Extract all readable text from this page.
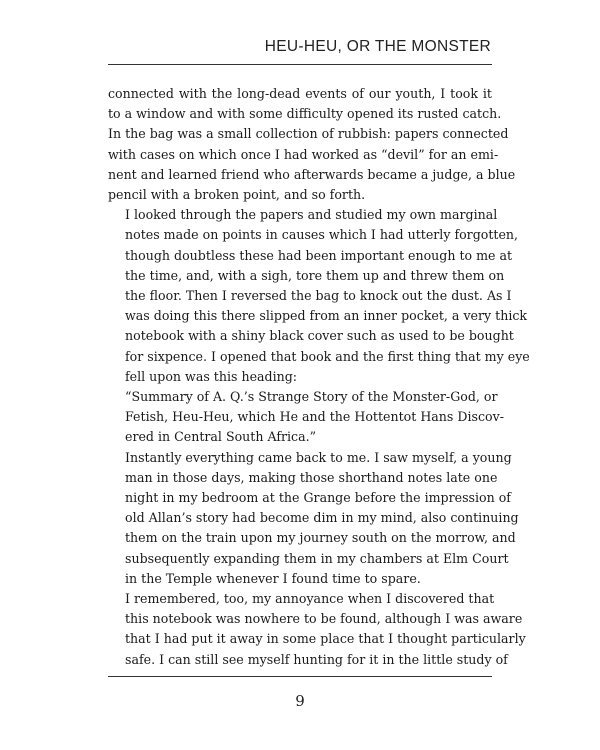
HEU-HEU, OR THE MONSTER

connected with the long-dead events of our youth, I took it
to a window and with some difficulty opened its rusted catch.
In the bag was a small collection of rubbish: papers connected
with cases on which once I had worked as “devil” for an emi-
nent and learned friend who afterwards became a judge, a blue
pencil with a broken point, and so forth.

I looked through the papers and studied my own marginal
notes made on points in causes which I had utterly forgotten,
though doubtless these had been important enough to me at
the time, and, with a sigh, tore them up and threw them on
the floor. Then I reversed the bag to knock out the dust. As I
was doing this there slipped from an inner pocket, a very thick
notebook with a shiny black cover such as used to be bought
for sixpence. I opened that book and the first thing that my eye
fell upon was this heading:

“Summary of A. Q.’s Strange Story of the Monster-God, or
Fetish, Heu-Heu, which He and the Hottentot Hans Discov-
ered in Central South Africa.”

Instantly everything came back to me. I saw myself, a young
man in those days, making those shorthand notes late one
night in my bedroom at the Grange before the impression of
old Allan’s story had become dim in my mind, also continuing
them on the train upon my journey south on the morrow, and
subsequently expanding them in my chambers at Elm Court
in the Temple whenever I found time to spare.

I remembered, too, my annoyance when I discovered that
this notebook was nowhere to be found, although I was aware
that I had put it away in some place that I thought particularly
safe. I can still see myself hunting for it in the little study of

9
